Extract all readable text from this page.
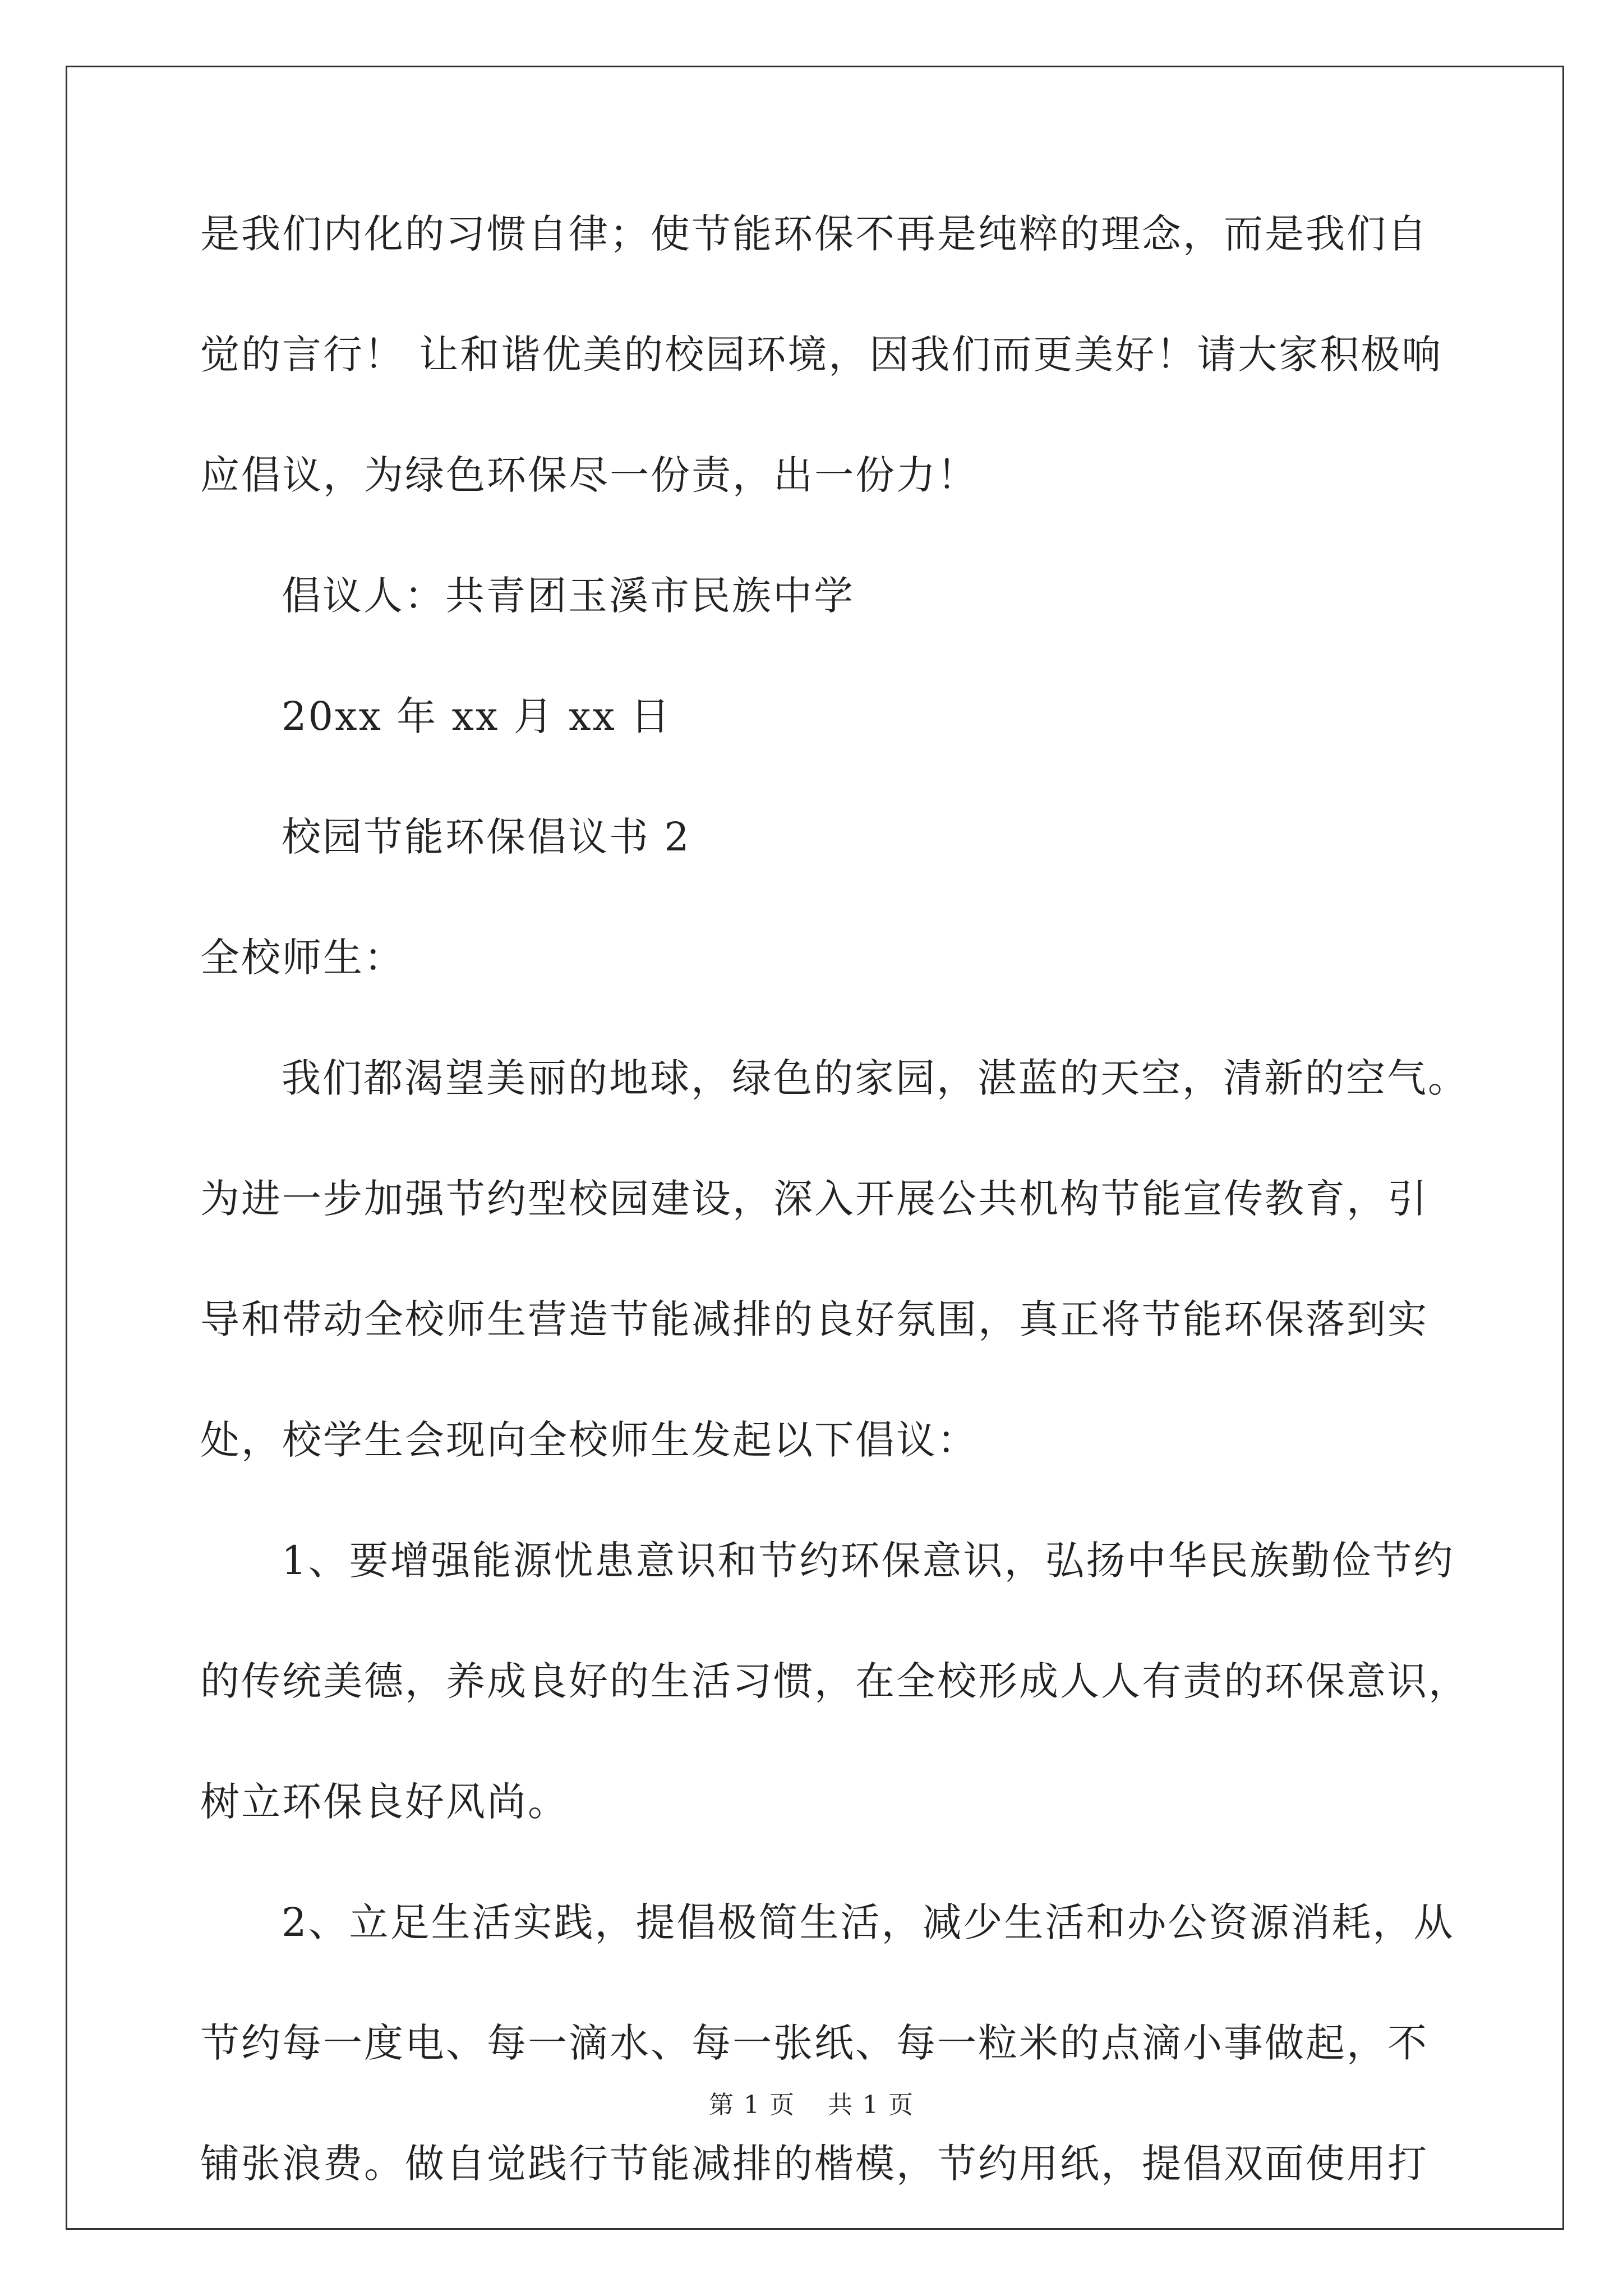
是我们内化的习惯自律；使节能环保不再是纯粹的理念，而是我们自

觉的言行！ 让和谐优美的校园环境，因我们而更美好！请大家积极响

应倡议，为绿色环保尽一份责，出一份力！

倡议人：共青团玉溪市民族中学

20xx 年 xx 月 xx 日

校园节能环保倡议书 2

全校师生：

我们都渴望美丽的地球，绿色的家园，湛蓝的天空，清新的空气。

为进一步加强节约型校园建设，深入开展公共机构节能宣传教育，引

导和带动全校师生营造节能减排的良好氛围，真正将节能环保落到实

处，校学生会现向全校师生发起以下倡议：

1、要增强能源忧患意识和节约环保意识，弘扬中华民族勤俭节约

的传统美德，养成良好的生活习惯，在全校形成人人有责的环保意识，

树立环保良好风尚。

2、立足生活实践，提倡极简生活，减少生活和办公资源消耗，从

节约每一度电、每一滴水、每一张纸、每一粒米的点滴小事做起，不

铺张浪费。做自觉践行节能减排的楷模，节约用纸，提倡双面使用打

第 1 页 共 1 页
